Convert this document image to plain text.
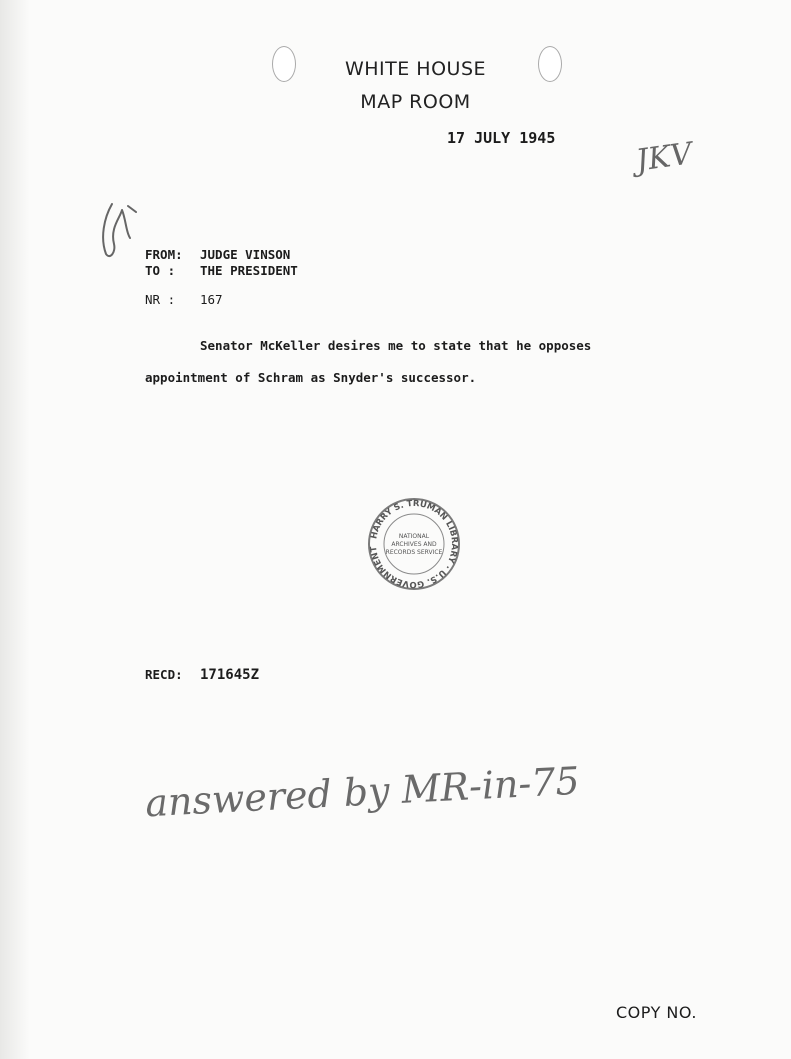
WHITE HOUSE
MAP ROOM
17 JULY 1945	JKV
FROM: JUDGE VINSON
TO : THE PRESIDENT
NR : 167
Senator McKeller desires me to state that he opposes
appointment of Schram as Snyder's successor.
HARRY S. TRUMAN LIBRARY · U.S. GOVERNMENT
NATIONAL
ARCHIVES AND
RECORDS SERVICE
RECD: 171645Z
answered by MR-in-75
COPY NO.
